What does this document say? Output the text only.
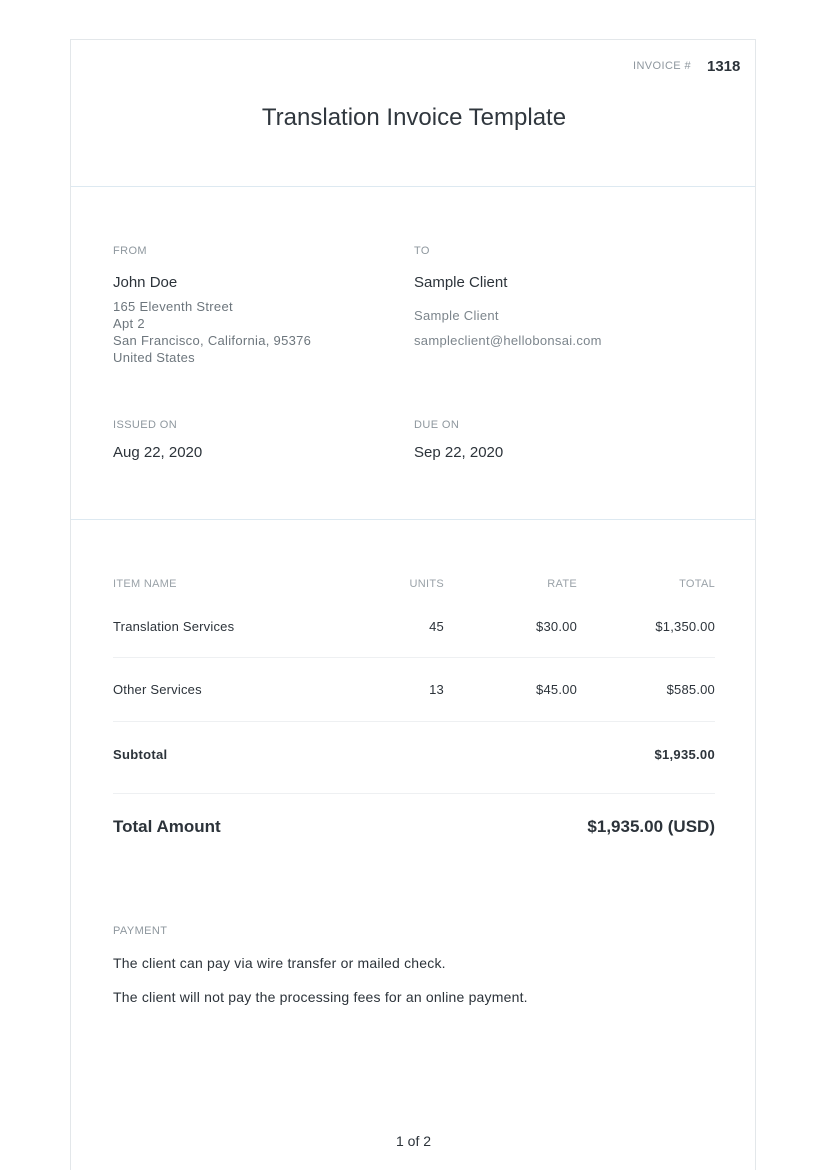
INVOICE # 1318
Translation Invoice Template
FROM
John Doe
165 Eleventh Street
Apt 2
San Francisco, California, 95376
United States
TO
Sample Client
Sample Client
sampleclient@hellobonsai.com
ISSUED ON
Aug 22, 2020
DUE ON
Sep 22, 2020
ITEM NAME	UNITS	RATE	TOTAL
Translation Services	45	$30.00	$1,350.00
Other Services	13	$45.00	$585.00
Subtotal	$1,935.00
Total Amount	$1,935.00 (USD)
PAYMENT
The client can pay via wire transfer or mailed check.
The client will not pay the processing fees for an online payment.
1 of 2
